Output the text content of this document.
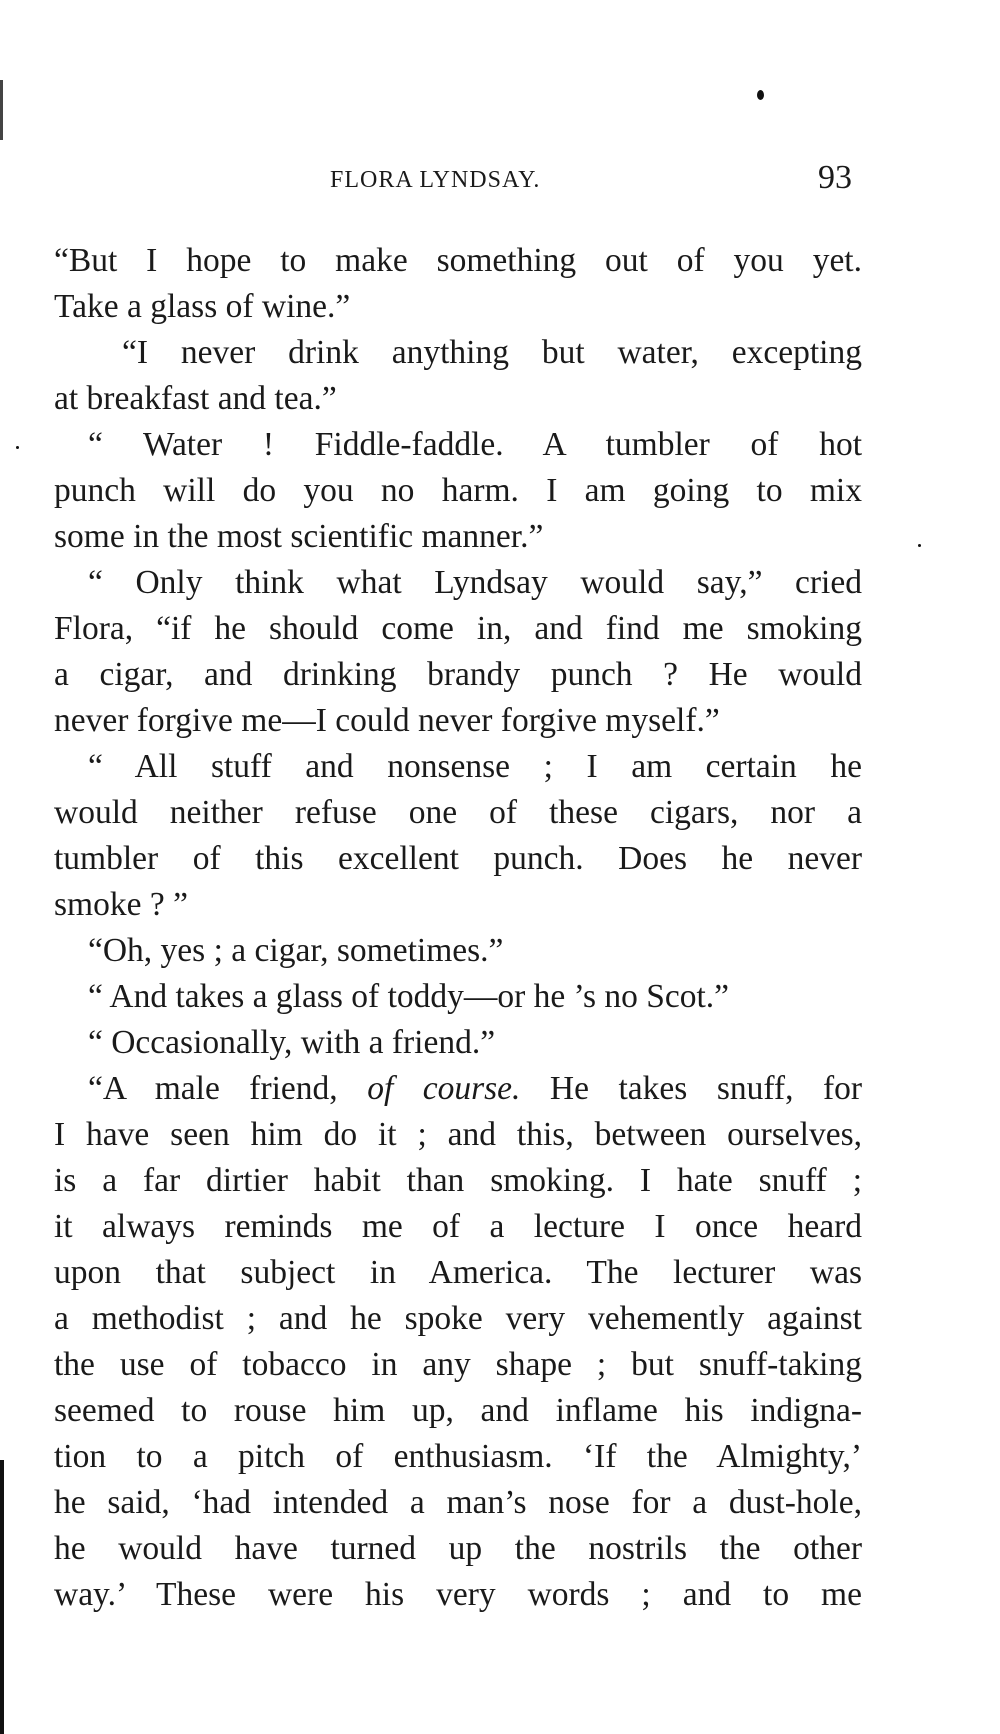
FLORA LYNDSAY.	93

“But I hope to make something out of you yet.
Take a glass of wine.”

“I never drink anything but water, excepting
at breakfast and tea.”

“ Water ! Fiddle-faddle. A tumbler of hot
punch will do you no harm. I am going to mix
some in the most scientific manner.”

“ Only think what Lyndsay would say,” cried
Flora, “if he should come in, and find me smoking
a cigar, and drinking brandy punch ? He would
never forgive me—I could never forgive myself.”

“ All stuff and nonsense ; I am certain he
would neither refuse one of these cigars, nor a
tumbler of this excellent punch. Does he never
smoke ? ”

“Oh, yes ; a cigar, sometimes.”

“ And takes a glass of toddy—or he ’s no Scot.”

“ Occasionally, with a friend.”

“A male friend, of course. He takes snuff, for
I have seen him do it ; and this, between ourselves,
is a far dirtier habit than smoking. I hate snuff ;
it always reminds me of a lecture I once heard
upon that subject in America. The lecturer was
a methodist ; and he spoke very vehemently against
the use of tobacco in any shape ; but snuff-taking
seemed to rouse him up, and inflame his indigna-
tion to a pitch of enthusiasm. ‘If the Almighty,’
he said, ‘had intended a man’s nose for a dust-hole,
he would have turned up the nostrils the other
way.’ These were his very words ; and to me
